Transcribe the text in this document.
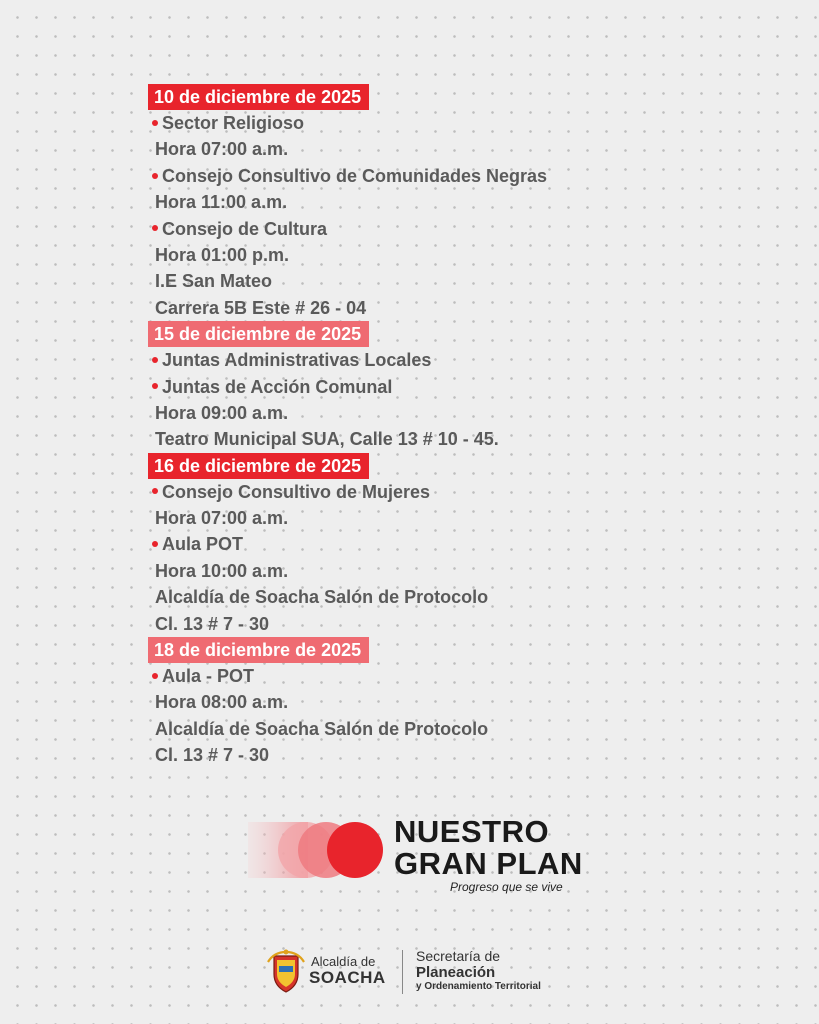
10 de diciembre de 2025
Sector Religioso
Hora 07:00 a.m.
Consejo Consultivo de Comunidades Negras
Hora 11:00 a.m.
Consejo de Cultura
Hora 01:00 p.m.
I.E San Mateo
Carrera 5B Este # 26 - 04
15 de diciembre de 2025
Juntas Administrativas Locales
Juntas de Acción Comunal
Hora 09:00 a.m.
Teatro Municipal SUA, Calle 13 # 10 - 45.
16 de diciembre de 2025
Consejo Consultivo de Mujeres
Hora 07:00 a.m.
Aula POT
Hora 10:00 a.m.
Alcaldía de Soacha Salón de Protocolo
Cl. 13 # 7 - 30
18 de diciembre de 2025
Aula - POT
Hora 08:00 a.m.
Alcaldía de Soacha Salón de Protocolo
Cl. 13 # 7 - 30
NUESTRO
GRAN PLAN
Progreso que se vive
Alcaldía de
SOACHA
Secretaría de
Planeación
y Ordenamiento Territorial
